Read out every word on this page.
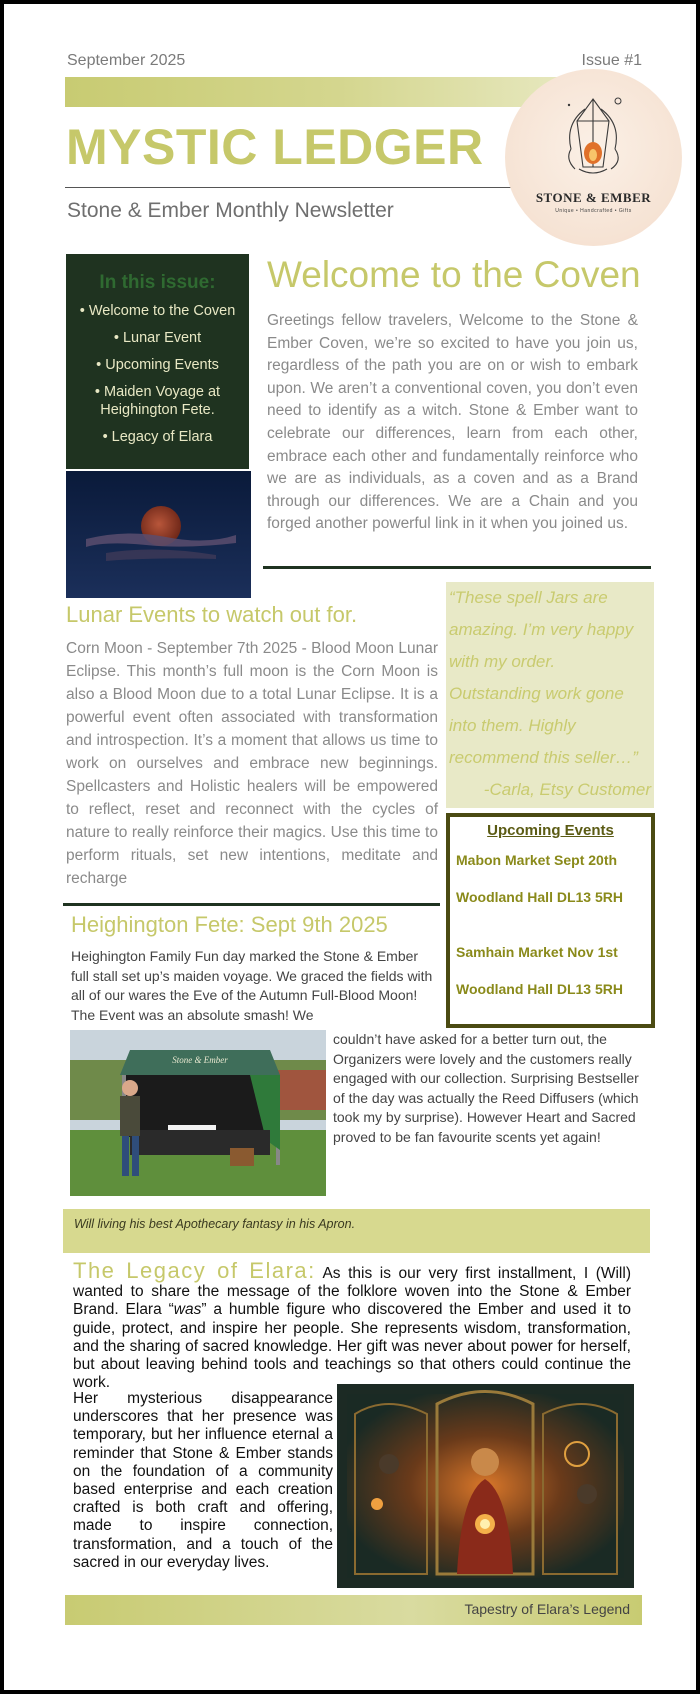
September 2025	Issue #1
MYSTIC LEDGER
Stone & Ember Monthly Newsletter
STONE & EMBER
Unique • Handcrafted • Gifts
In this issue:
• Welcome to the Coven
• Lunar Event
• Upcoming Events
• Maiden Voyage at Heighington Fete.
• Legacy of Elara
Welcome to the Coven
Greetings fellow travelers, Welcome to the Stone & Ember Coven, we’re so excited to have you join us, regardless of the path you are on or wish to embark upon. We aren’t a conventional coven, you don’t even need to identify as a witch. Stone & Ember want to celebrate our differences, learn from each other, embrace each other and fundamentally reinforce who we are as individuals, as a coven and as a Brand through our differences. We are a Chain and you forged another powerful link in it when you joined us.
Lunar Events to watch out for.
Corn Moon - September 7th 2025 - Blood Moon Lunar Eclipse. This month’s full moon is the Corn Moon is also a Blood Moon due to a total Lunar Eclipse. It is a powerful event often associated with transformation and introspection. It’s a moment that allows us time to work on ourselves and embrace new beginnings. Spellcasters and Holistic healers will be empowered to reflect, reset and reconnect with the cycles of nature to really reinforce their magics. Use this time to perform rituals, set new intentions, meditate and recharge

“These spell Jars are amazing. I’m very happy with my order. Outstanding work gone into them. Highly recommend this seller…”

-Carla, Etsy Customer

Upcoming Events

Mabon Market Sept 20th

Woodland Hall DL13 5RH

Samhain Market Nov 1st

Woodland Hall DL13 5RH

Heighington Fete: Sept 9th 2025
Heighington Family Fun day marked the Stone & Ember full stall set up’s maiden voyage. We graced the fields with all of our wares the Eve of the Autumn Full-Blood Moon! The Event was an absolute smash! We
Stone & Ember
couldn’t have asked for a better turn out, the Organizers were lovely and the customers really engaged with our collection. Surprising Bestseller of the day was actually the Reed Diffusers (which took my by surprise). However Heart and Sacred proved to be fan favourite scents yet again!
Will living his best Apothecary fantasy in his Apron.
The Legacy of Elara: As this is our very first installment, I (Will) wanted to share the message of the folklore woven into the Stone & Ember Brand. Elara “was” a humble figure who discovered the Ember and used it to guide, protect, and inspire her people. She represents wisdom, transformation, and the sharing of sacred knowledge. Her gift was never about power for herself, but about leaving behind tools and teachings so that others could continue the work.
Her mysterious disappearance underscores that her presence was temporary, but her influence eternal a reminder that Stone & Ember stands on the foundation of a community based enterprise and each creation crafted is both craft and offering, made to inspire connection, transformation, and a touch of the sacred in our everyday lives.
Tapestry of Elara’s Legend
